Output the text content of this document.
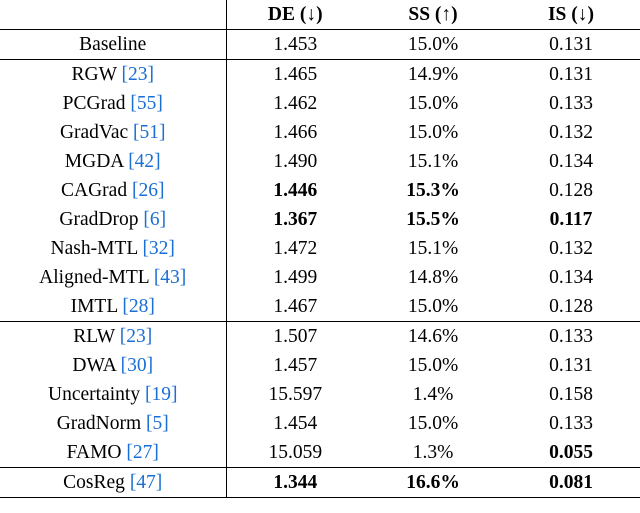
	DE (↓)	SS (↑)	IS (↓)
Baseline	1.453	15.0%	0.131
RGW [23]	1.465	14.9%	0.131
PCGrad [55]	1.462	15.0%	0.133
GradVac [51]	1.466	15.0%	0.132
MGDA [42]	1.490	15.1%	0.134
CAGrad [26]	1.446	15.3%	0.128
GradDrop [6]	1.367	15.5%	0.117
Nash-MTL [32]	1.472	15.1%	0.132
Aligned-MTL [43]	1.499	14.8%	0.134
IMTL [28]	1.467	15.0%	0.128
RLW [23]	1.507	14.6%	0.133
DWA [30]	1.457	15.0%	0.131
Uncertainty [19]	15.597	1.4%	0.158
GradNorm [5]	1.454	15.0%	0.133
FAMO [27]	15.059	1.3%	0.055
CosReg [47]	1.344	16.6%	0.081
